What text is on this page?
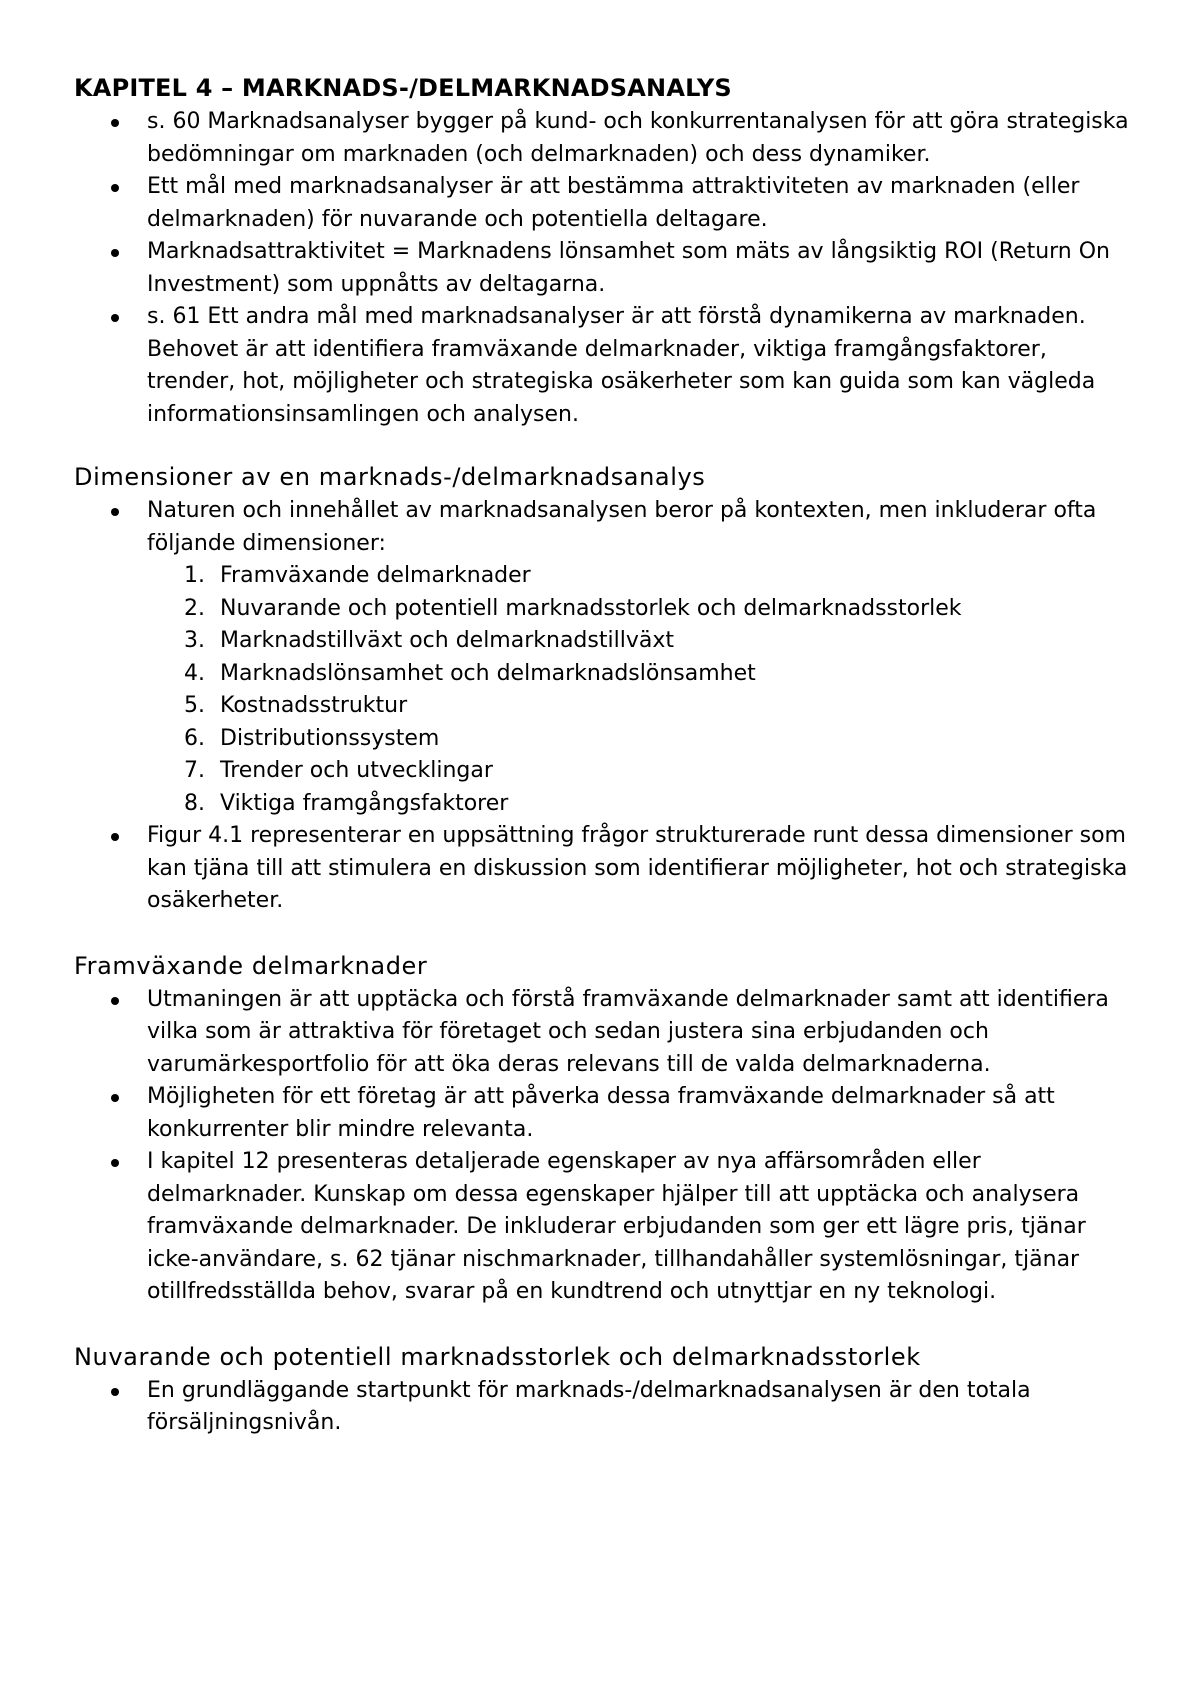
KAPITEL 4 – MARKNADS-/DELMARKNADSANALYS
s. 60 Marknadsanalyser bygger på kund- och konkurrentanalysen för att göra strategiska bedömningar om marknaden (och delmarknaden) och dess dynamiker.
Ett mål med marknadsanalyser är att bestämma attraktiviteten av marknaden (eller delmarknaden) för nuvarande och potentiella deltagare.
Marknadsattraktivitet = Marknadens lönsamhet som mäts av långsiktig ROI (Return On Investment) som uppnåtts av deltagarna.
s. 61 Ett andra mål med marknadsanalyser är att förstå dynamikerna av marknaden. Behovet är att identifiera framväxande delmarknader, viktiga framgångsfaktorer, trender, hot, möjligheter och strategiska osäkerheter som kan guida som kan vägleda informationsinsamlingen och analysen.
Dimensioner av en marknads-/delmarknadsanalys
Naturen och innehållet av marknadsanalysen beror på kontexten, men inkluderar ofta följande dimensioner:
1. Framväxande delmarknader
2. Nuvarande och potentiell marknadsstorlek och delmarknadsstorlek
3. Marknadstillväxt och delmarknadstillväxt
4. Marknadslönsamhet och delmarknadslönsamhet
5. Kostnadsstruktur
6. Distributionssystem
7. Trender och utvecklingar
8. Viktiga framgångsfaktorer
Figur 4.1 representerar en uppsättning frågor strukturerade runt dessa dimensioner som kan tjäna till att stimulera en diskussion som identifierar möjligheter, hot och strategiska osäkerheter.
Framväxande delmarknader
Utmaningen är att upptäcka och förstå framväxande delmarknader samt att identifiera vilka som är attraktiva för företaget och sedan justera sina erbjudanden och varumärkesportfolio för att öka deras relevans till de valda delmarknaderna.
Möjligheten för ett företag är att påverka dessa framväxande delmarknader så att konkurrenter blir mindre relevanta.
I kapitel 12 presenteras detaljerade egenskaper av nya affärsområden eller delmarknader. Kunskap om dessa egenskaper hjälper till att upptäcka och analysera framväxande delmarknader. De inkluderar erbjudanden som ger ett lägre pris, tjänar icke-användare, s. 62 tjänar nischmarknader, tillhandahåller systemlösningar, tjänar otillfredsställda behov, svarar på en kundtrend och utnyttjar en ny teknologi.
Nuvarande och potentiell marknadsstorlek och delmarknadsstorlek
En grundläggande startpunkt för marknads-/delmarknadsanalysen är den totala försäljningsnivån.
